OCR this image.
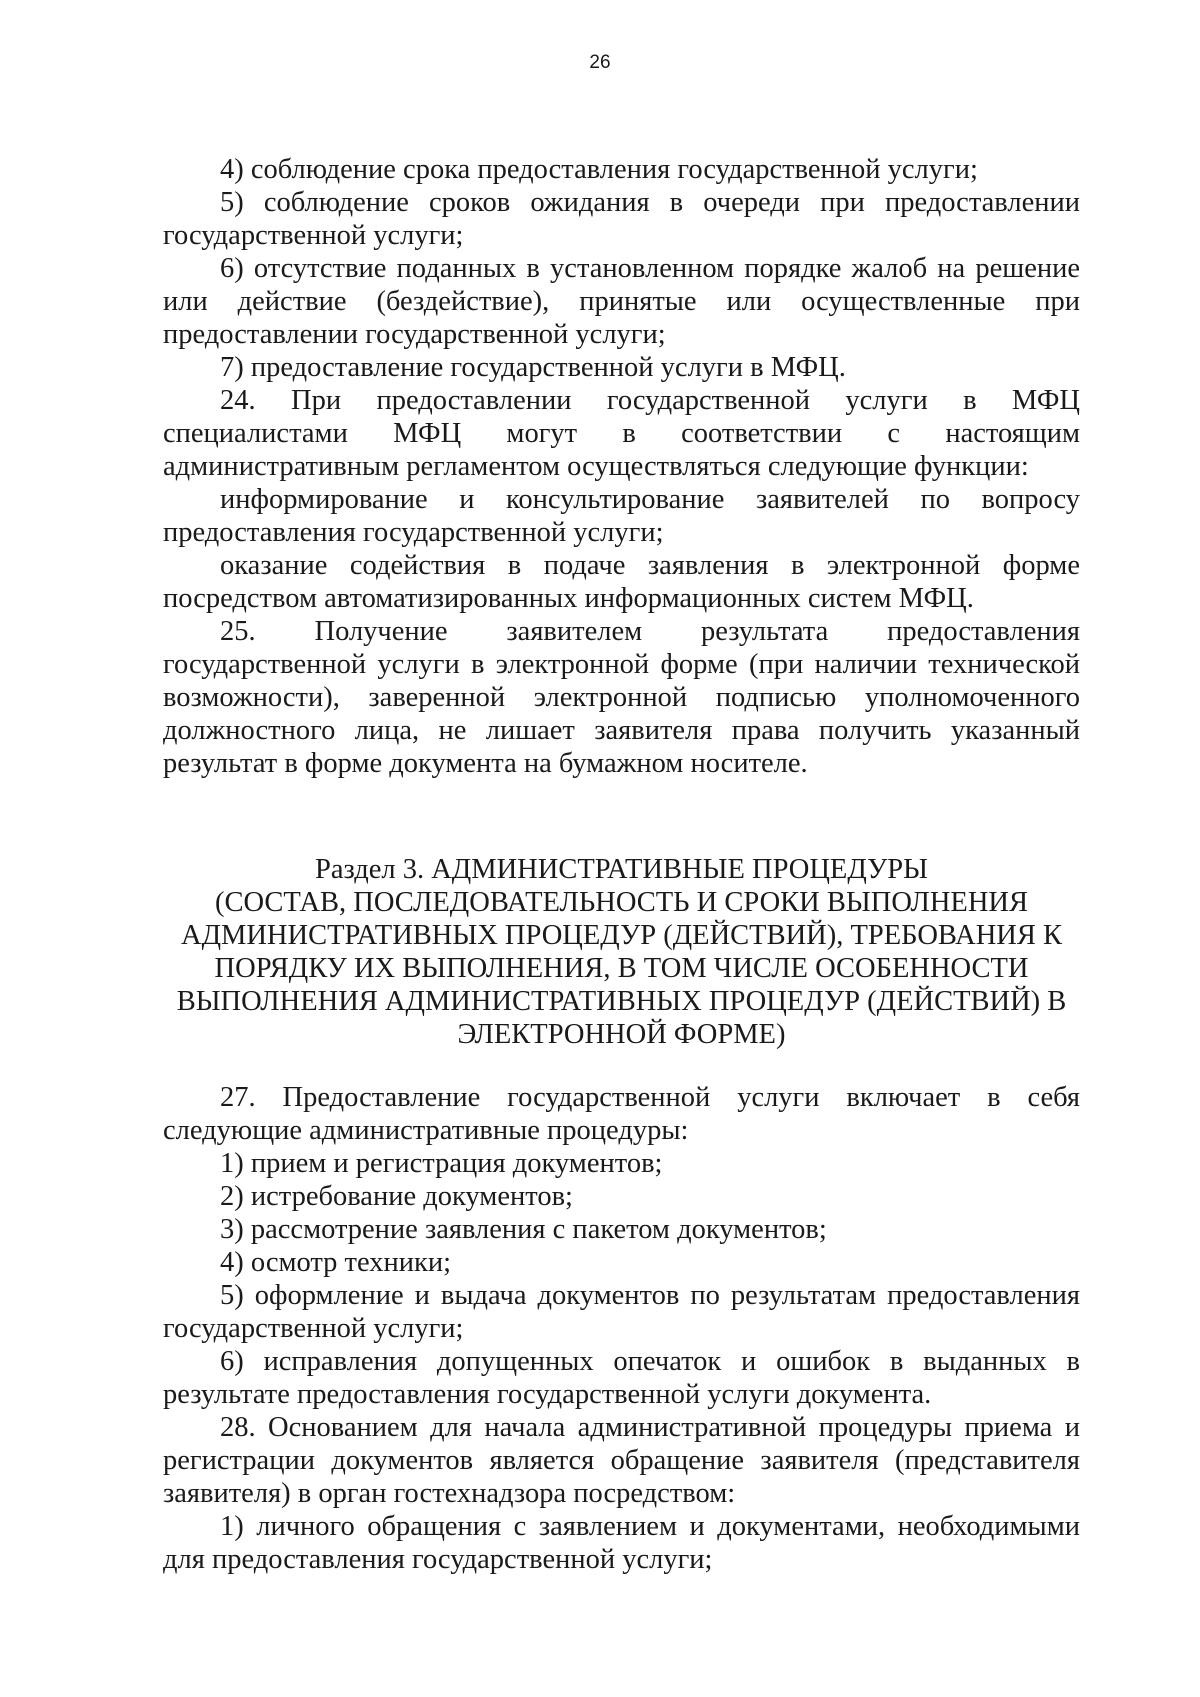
26

4) соблюдение срока предоставления государственной услуги;

5) соблюдение сроков ожидания в очереди при предоставлении государственной услуги;

6) отсутствие поданных в установленном порядке жалоб на решение или действие (бездействие), принятые или осуществленные при предоставлении государственной услуги;

7) предоставление государственной услуги в МФЦ.

24. При предоставлении государственной услуги в МФЦ специалистами МФЦ могут в соответствии с настоящим административным регламентом осуществляться следующие функции:

информирование и консультирование заявителей по вопросу предоставления государственной услуги;

оказание содействия в подаче заявления в электронной форме посредством автоматизированных информационных систем МФЦ.

25. Получение заявителем результата предоставления государственной услуги в электронной форме (при наличии технической возможности), заверенной электронной подписью уполномоченного должностного лица, не лишает заявителя права получить указанный результат в форме документа на бумажном носителе.

Раздел 3. АДМИНИСТРАТИВНЫЕ ПРОЦЕДУРЫ
(СОСТАВ, ПОСЛЕДОВАТЕЛЬНОСТЬ И СРОКИ ВЫПОЛНЕНИЯ
АДМИНИСТРАТИВНЫХ ПРОЦЕДУР (ДЕЙСТВИЙ), ТРЕБОВАНИЯ К
ПОРЯДКУ ИХ ВЫПОЛНЕНИЯ, В ТОМ ЧИСЛЕ ОСОБЕННОСТИ
ВЫПОЛНЕНИЯ АДМИНИСТРАТИВНЫХ ПРОЦЕДУР (ДЕЙСТВИЙ) В
ЭЛЕКТРОННОЙ ФОРМЕ)

27. Предоставление государственной услуги включает в себя следующие административные процедуры:

1) прием и регистрация документов;

2) истребование документов;

3) рассмотрение заявления с пакетом документов;

4) осмотр техники;

5) оформление и выдача документов по результатам предоставления государственной услуги;

6) исправления допущенных опечаток и ошибок в выданных в результате предоставления государственной услуги документа.

28. Основанием для начала административной процедуры приема и регистрации документов является обращение заявителя (представителя заявителя) в орган гостехнадзора посредством:

1) личного обращения с заявлением и документами, необходимыми для предоставления государственной услуги;
